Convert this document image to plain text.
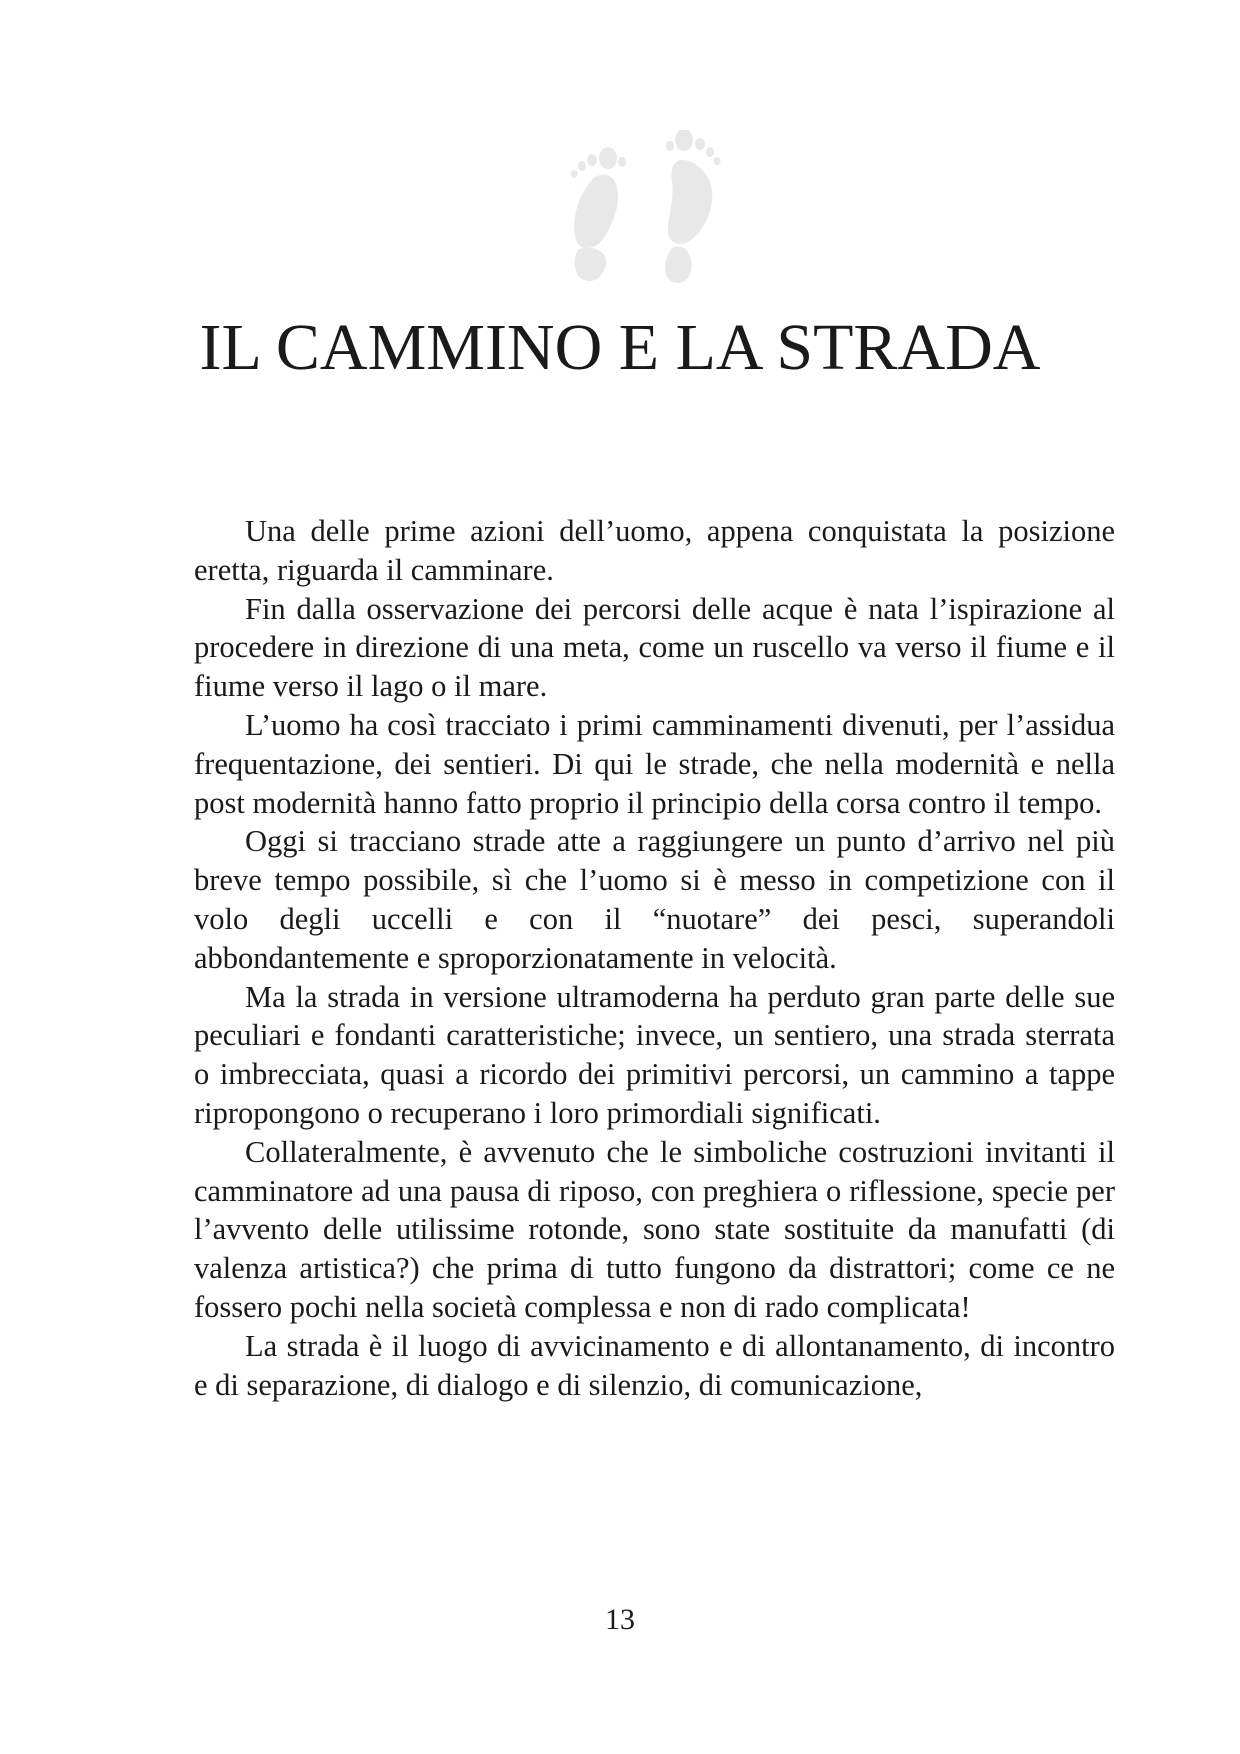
IL CAMMINO E LA STRADA

Una delle prime azioni dell’uomo, appena conquistata la posizione eretta, riguarda il camminare.

Fin dalla osservazione dei percorsi delle acque è nata l’ispirazione al procedere in direzione di una meta, come un ruscello va verso il fiume e il fiume verso il lago o il mare.

L’uomo ha così tracciato i primi camminamenti divenuti, per l’assidua frequentazione, dei sentieri. Di qui le strade, che nella modernità e nella post modernità hanno fatto proprio il principio della corsa contro il tempo.

Oggi si tracciano strade atte a raggiungere un punto d’arrivo nel più breve tempo possibile, sì che l’uomo si è messo in competizione con il volo degli uccelli e con il “nuotare” dei pesci, superandoli abbondantemente e sproporzionatamente in velocità.

Ma la strada in versione ultramoderna ha perduto gran parte delle sue peculiari e fondanti caratteristiche; invece, un sentiero, una strada sterrata o imbrecciata, quasi a ricordo dei primitivi percorsi, un cammino a tappe ripropongono o recuperano i loro primordiali significati.

Collateralmente, è avvenuto che le simboliche costruzioni invitanti il camminatore ad una pausa di riposo, con preghiera o riflessione, specie per l’avvento delle utilissime rotonde, sono state sostituite da manufatti (di valenza artistica?) che prima di tutto fungono da distrattori; come ce ne fossero pochi nella società complessa e non di rado complicata!

La strada è il luogo di avvicinamento e di allontanamento, di incontro e di separazione, di dialogo e di silenzio, di comunicazione,

13
